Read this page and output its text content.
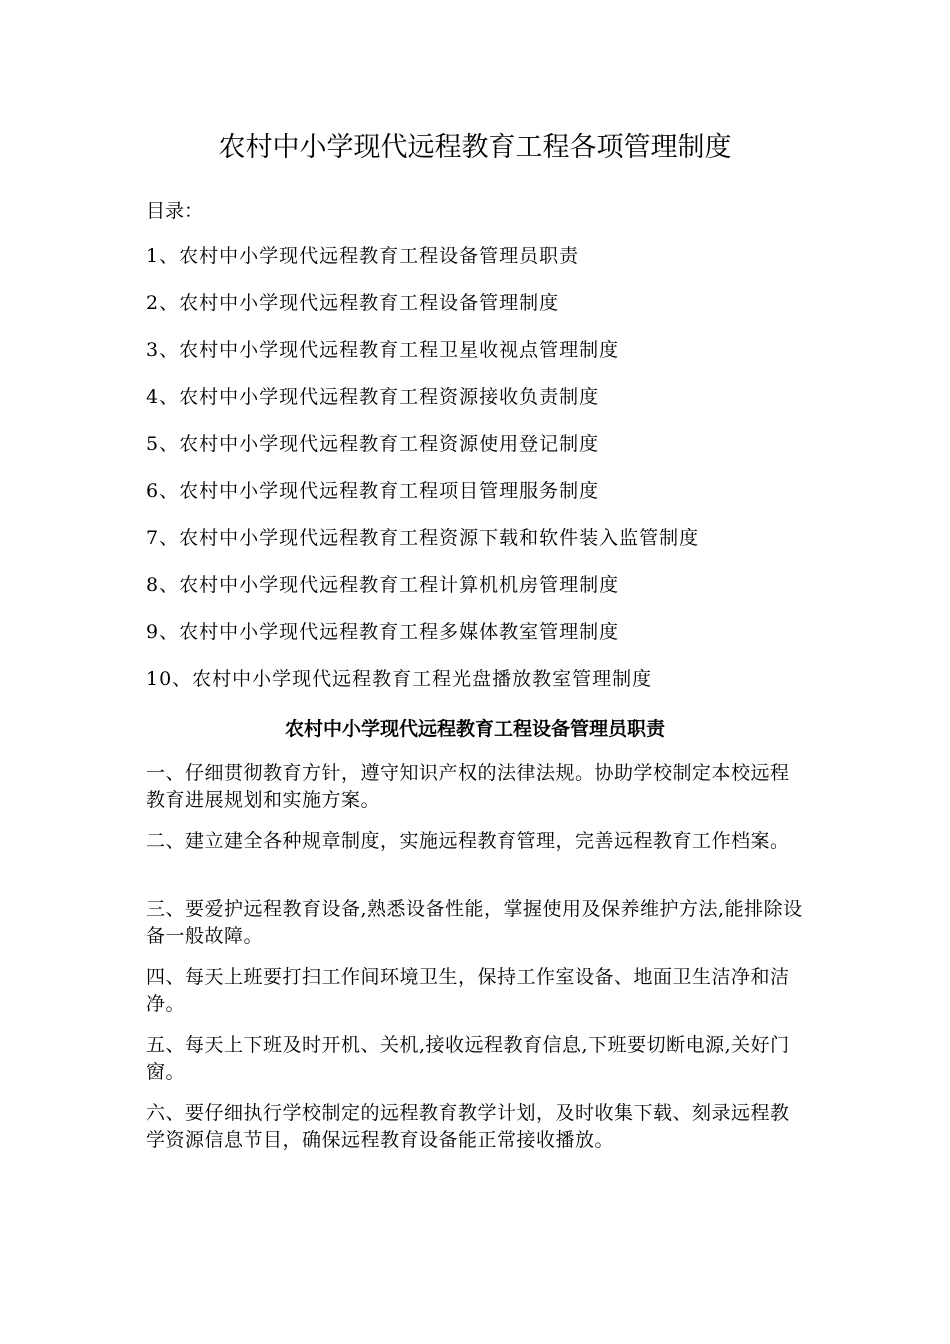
农村中小学现代远程教育工程各项管理制度
目录：
1、农村中小学现代远程教育工程设备管理员职责
2、农村中小学现代远程教育工程设备管理制度
3、农村中小学现代远程教育工程卫星收视点管理制度
4、农村中小学现代远程教育工程资源接收负责制度
5、农村中小学现代远程教育工程资源使用登记制度
6、农村中小学现代远程教育工程项目管理服务制度
7、农村中小学现代远程教育工程资源下载和软件装入监管制度
8、农村中小学现代远程教育工程计算机机房管理制度
9、农村中小学现代远程教育工程多媒体教室管理制度
10、农村中小学现代远程教育工程光盘播放教室管理制度
农村中小学现代远程教育工程设备管理员职责

一、仔细贯彻教育方针，遵守知识产权的法律法规。协助学校制定本校远程教育进展规划和实施方案。

二、建立建全各种规章制度，实施远程教育管理，完善远程教育工作档案。

三、要爱护远程教育设备,熟悉设备性能，掌握使用及保养维护方法,能排除设备一般故障。

四、每天上班要打扫工作间环境卫生，保持工作室设备、地面卫生洁净和洁净。

五、每天上下班及时开机、关机,接收远程教育信息,下班要切断电源,关好门窗。

六、要仔细执行学校制定的远程教育教学计划，及时收集下载、刻录远程教学资源信息节目，确保远程教育设备能正常接收播放。
